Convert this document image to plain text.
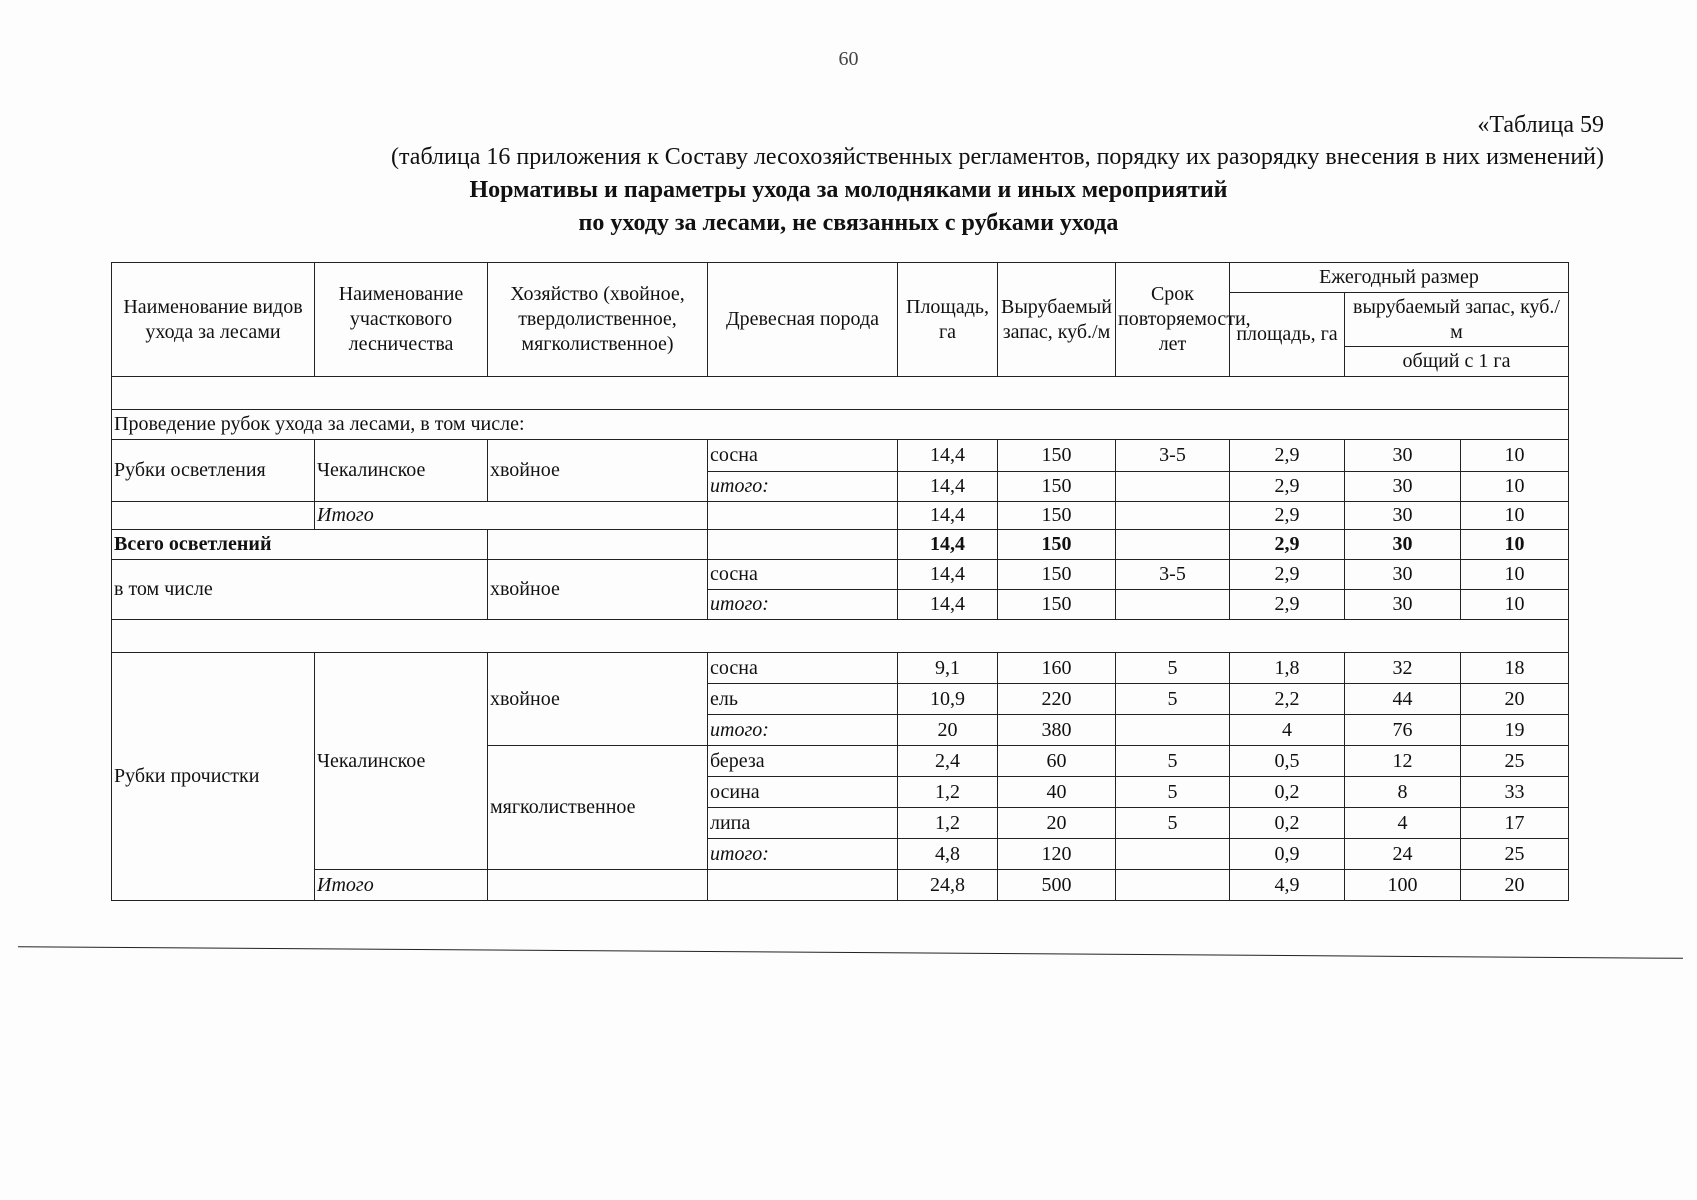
60
«Таблица 59
(таблица 16 приложения к Составу лесохозяйственных регламентов, порядку их разорядку внесения в них изменений)
Нормативы и параметры ухода за молодняками и иных мероприятий
по уходу за лесами, не связанных с рубками ухода
Наименование видов ухода за лесами	Наименование участкового лесничества	Хозяйство (хвойное, твердолиственное, мягколиственное)	Древесная порода	Площадь, га	Вырубаемый запас, куб./м	Срок повторяемости, лет	Ежегодный размер		
							площадь, га	вырубаемый запас, куб./м	
								общий с 1 га	

Проведение рубок ухода за лесами, в том числе:									
Рубки осветления	Чекалинское	хвойное	сосна	14,4	150	3-5	2,9	30	10
			итого:	14,4	150		2,9	30	10
	Итого			14,4	150		2,9	30	10
Всего осветлений				14,4	150		2,9	30	10
в том числе		хвойное	сосна	14,4	150	3-5	2,9	30	10
			итого:	14,4	150		2,9	30	10

Рубки прочистки	Чекалинское	хвойное	сосна	9,1	160	5	1,8	32	18
			ель	10,9	220	5	2,2	44	20
			итого:	20	380		4	76	19
		мягколиственное	береза	2,4	60	5	0,5	12	25
			осина	1,2	40	5	0,2	8	33
			липа	1,2	20	5	0,2	4	17
			итого:	4,8	120		0,9	24	25
	Итого			24,8	500		4,9	100	20
